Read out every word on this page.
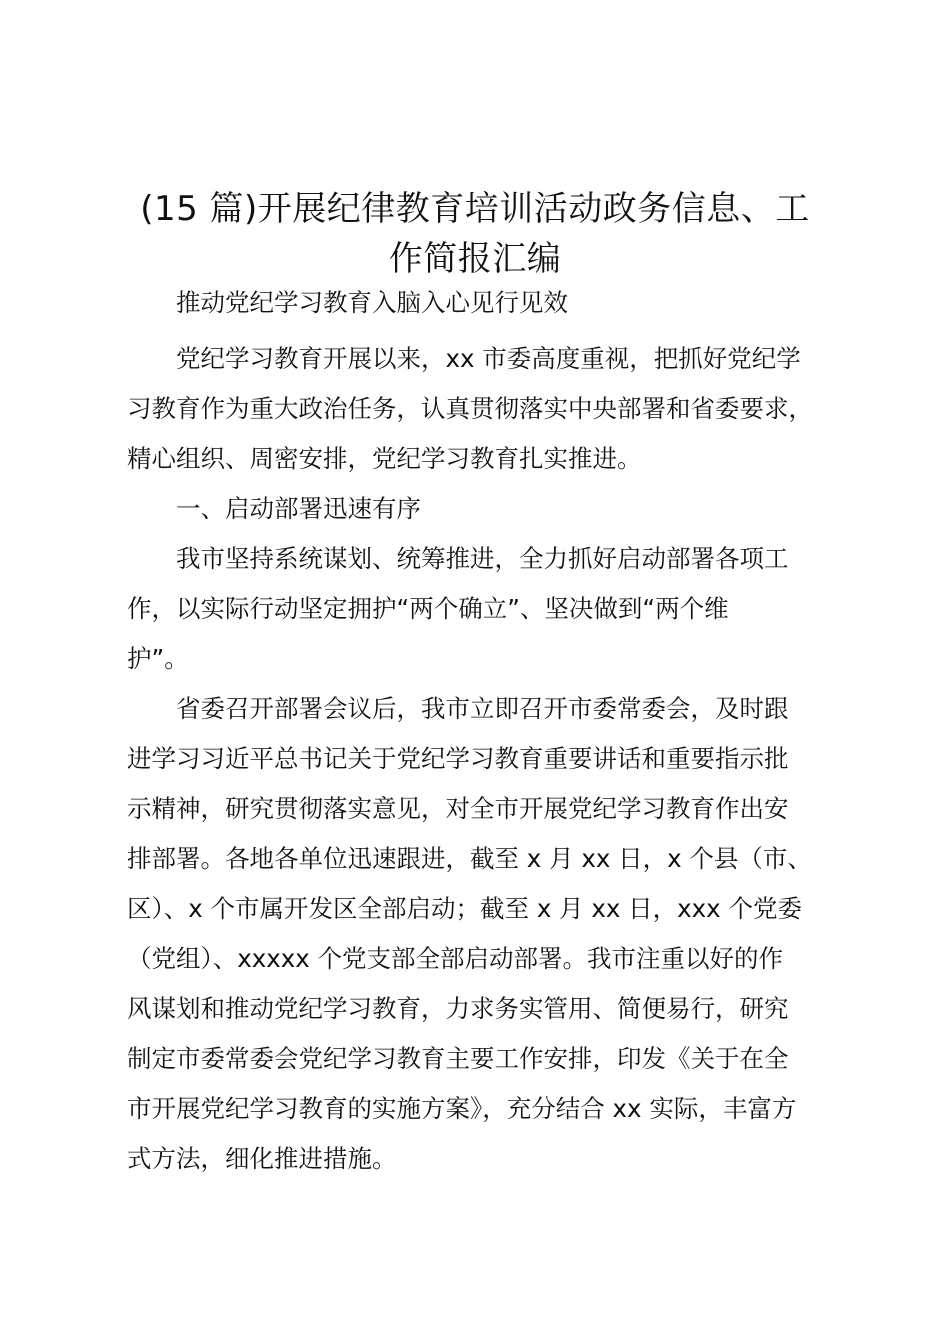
(15 篇)开展纪律教育培训活动政务信息、工
作简报汇编
　　推动党纪学习教育入脑入心见行见效
　　党纪学习教育开展以来，xx 市委高度重视，把抓好党纪学
习教育作为重大政治任务，认真贯彻落实中央部署和省委要求，
精心组织、周密安排，党纪学习教育扎实推进。
　　一、启动部署迅速有序
　　我市坚持系统谋划、统筹推进，全力抓好启动部署各项工
作，以实际行动坚定拥护“两个确立”、坚决做到“两个维
护”。
　　省委召开部署会议后，我市立即召开市委常委会，及时跟
进学习习近平总书记关于党纪学习教育重要讲话和重要指示批
示精神，研究贯彻落实意见，对全市开展党纪学习教育作出安
排部署。各地各单位迅速跟进，截至 x 月 xx 日，x 个县（市、
区）、x 个市属开发区全部启动；截至 x 月 xx 日，xxx 个党委
（党组）、xxxxx 个党支部全部启动部署。我市注重以好的作
风谋划和推动党纪学习教育，力求务实管用、简便易行，研究
制定市委常委会党纪学习教育主要工作安排，印发《关于在全
市开展党纪学习教育的实施方案》，充分结合 xx 实际，丰富方
式方法，细化推进措施。
